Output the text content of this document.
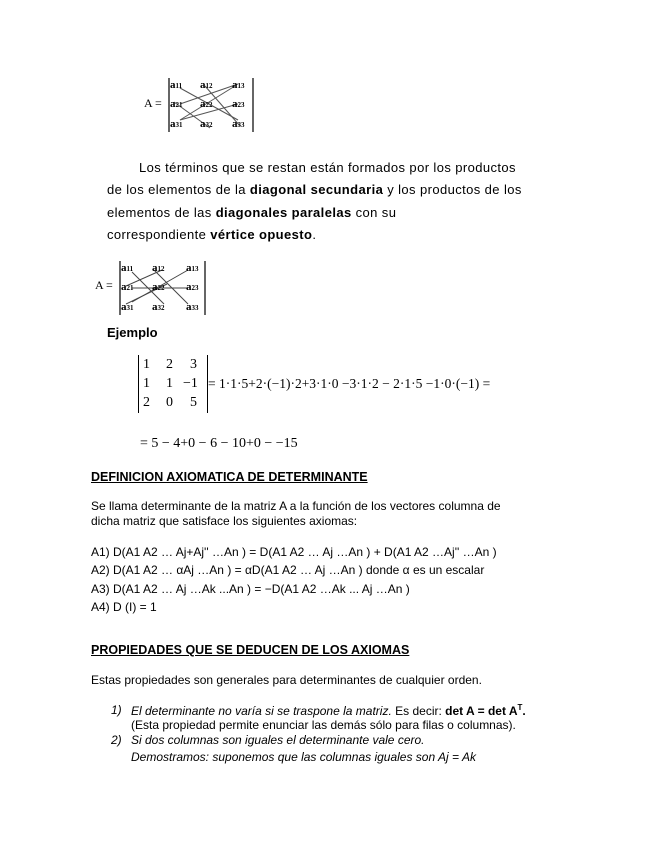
A =
a11 a12 a13
a21 a22 a23
a31 a32 a33
Los términos que se restan están formados por los productos
de los elementos de la diagonal secundaria y los productos de los
elementos de las diagonales paralelas con su
correspondiente vértice opuesto.
A =
a11 a12 a13
a21 a22 a23
a31 a32 a33
Ejemplo
1 2 3
1 1 −1
2 0 5
= 1·1·5+2·(−1)·2+3·1·0 −3·1·2 − 2·1·5 −1·0·(−1) =
= 5 − 4+0 − 6 − 10+0 − −15
DEFINICION AXIOMATICA DE DETERMINANTE
Se llama determinante de la matriz A a la función de los vectores columna de
dicha matriz que satisface los siguientes axiomas:
A1) D(A1 A2 … Aj+Aj'' …An ) = D(A1 A2 … Aj …An ) + D(A1 A2 …Aj'' …An )
A2) D(A1 A2 … αAj …An ) = αD(A1 A2 … Aj …An ) donde α es un escalar
A3) D(A1 A2 … Aj …Ak ...An ) = −D(A1 A2 …Ak ... Aj …An )
A4) D (I) = 1
PROPIEDADES QUE SE DEDUCEN DE LOS AXIOMAS
Estas propiedades son generales para determinantes de cualquier orden.
1) El determinante no varía si se traspone la matriz. Es decir: $\det A = \det A^T$.
(Esta propiedad permite enunciar las demás sólo para filas o columnas).
2) Si dos columnas son iguales el determinante vale cero.
Demostramos: suponemos que las columnas iguales son Aj = Ak
